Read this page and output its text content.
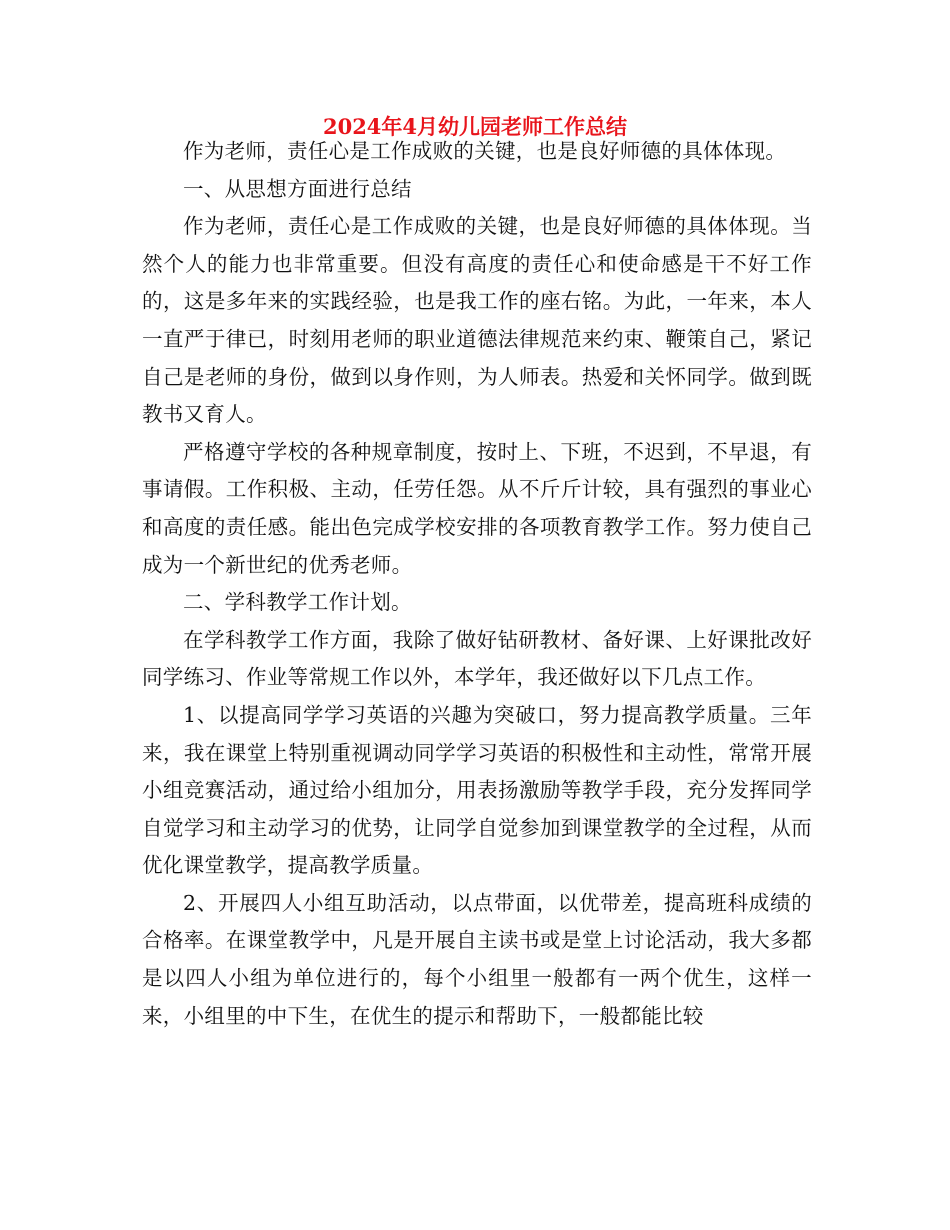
2024年4月幼儿园老师工作总结

作为老师，责任心是工作成败的关键，也是良好师德的具体体现。

一、从思想方面进行总结

作为老师，责任心是工作成败的关键，也是良好师德的具体体现。当然个人的能力也非常重要。但没有高度的责任心和使命感是干不好工作的，这是多年来的实践经验，也是我工作的座右铭。为此，一年来，本人一直严于律已，时刻用老师的职业道德法律规范来约束、鞭策自己，紧记自己是老师的身份，做到以身作则，为人师表。热爱和关怀同学。做到既教书又育人。

严格遵守学校的各种规章制度，按时上、下班，不迟到，不早退，有事请假。工作积极、主动，任劳任怨。从不斤斤计较，具有强烈的事业心和高度的责任感。能出色完成学校安排的各项教育教学工作。努力使自己成为一个新世纪的优秀老师。

二、学科教学工作计划。

在学科教学工作方面，我除了做好钻研教材、备好课、上好课批改好同学练习、作业等常规工作以外，本学年，我还做好以下几点工作。

1、以提高同学学习英语的兴趣为突破口，努力提高教学质量。三年来，我在课堂上特别重视调动同学学习英语的积极性和主动性，常常开展小组竞赛活动，通过给小组加分，用表扬激励等教学手段，充分发挥同学自觉学习和主动学习的优势，让同学自觉参加到课堂教学的全过程，从而优化课堂教学，提高教学质量。

2、开展四人小组互助活动，以点带面，以优带差，提高班科成绩的合格率。在课堂教学中，凡是开展自主读书或是堂上讨论活动，我大多都是以四人小组为单位进行的，每个小组里一般都有一两个优生，这样一来，小组里的中下生，在优生的提示和帮助下，一般都能比较
